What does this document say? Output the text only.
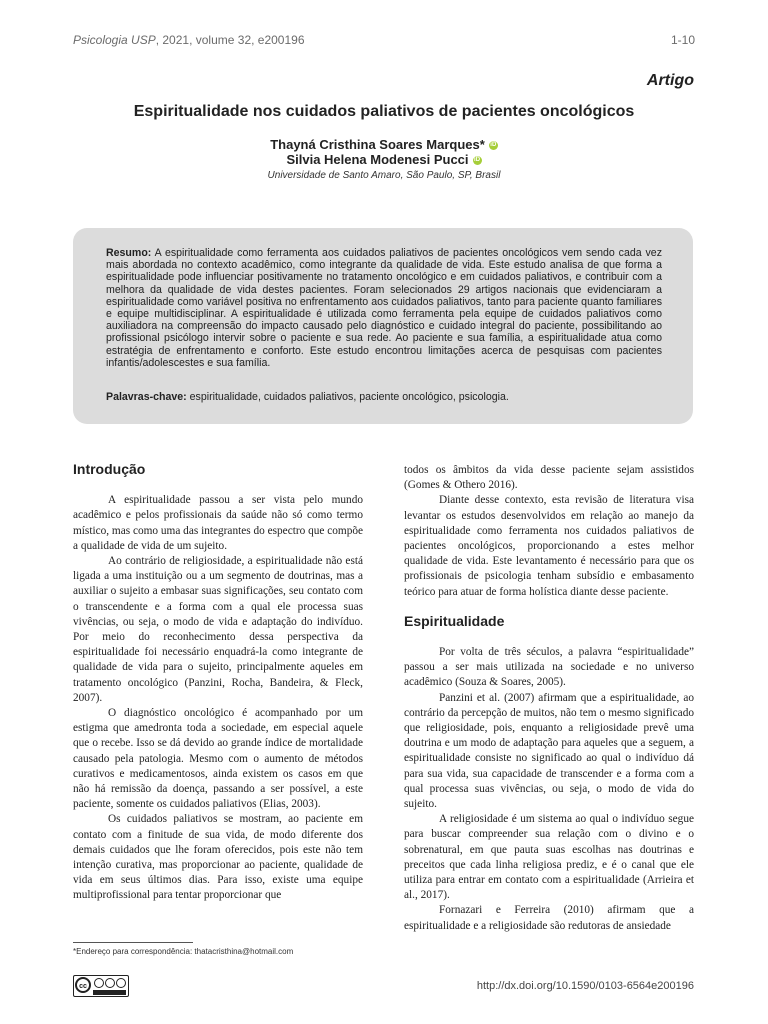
Psicologia USP, 2021, volume 32, e200196	1-10
Artigo
Espiritualidade nos cuidados paliativos de pacientes oncológicos
Thayná Cristhina Soares Marques* iD
Silvia Helena Modenesi Pucci iD
Universidade de Santo Amaro, São Paulo, SP, Brasil
Resumo: A espiritualidade como ferramenta aos cuidados paliativos de pacientes oncológicos vem sendo cada vez mais abordada no contexto acadêmico, como integrante da qualidade de vida. Este estudo analisa de que forma a espiritualidade pode influenciar positivamente no tratamento oncológico e em cuidados paliativos, e contribuir com a melhora da qualidade de vida destes pacientes. Foram selecionados 29 artigos nacionais que evidenciaram a espiritualidade como variável positiva no enfrentamento aos cuidados paliativos, tanto para paciente quanto familiares e equipe multidisciplinar. A espiritualidade é utilizada como ferramenta pela equipe de cuidados paliativos como auxiliadora na compreensão do impacto causado pelo diagnóstico e cuidado integral do paciente, possibilitando ao profissional psicólogo intervir sobre o paciente e sua rede. Ao paciente e sua família, a espiritualidade atua como estratégia de enfrentamento e conforto. Este estudo encontrou limitações acerca de pesquisas com pacientes infantis/adolescestes e sua família.
Palavras-chave: espiritualidade, cuidados paliativos, paciente oncológico, psicologia.
Introdução

A espiritualidade passou a ser vista pelo mundo acadêmico e pelos profissionais da saúde não só como termo místico, mas como uma das integrantes do espectro que compõe a qualidade de vida de um sujeito.

Ao contrário de religiosidade, a espiritualidade não está ligada a uma instituição ou a um segmento de doutrinas, mas a auxiliar o sujeito a embasar suas significações, seu contato com o transcendente e a forma com a qual ele processa suas vivências, ou seja, o modo de vida e adaptação do indivíduo. Por meio do reconhecimento dessa perspectiva da espiritualidade foi necessário enquadrá-la como integrante de qualidade de vida para o sujeito, principalmente aqueles em tratamento oncológico (Panzini, Rocha, Bandeira, & Fleck, 2007).

O diagnóstico oncológico é acompanhado por um estigma que amedronta toda a sociedade, em especial aquele que o recebe. Isso se dá devido ao grande índice de mortalidade causado pela patologia. Mesmo com o aumento de métodos curativos e medicamentosos, ainda existem os casos em que não há remissão da doença, passando a ser possível, a este paciente, somente os cuidados paliativos (Elias, 2003).

Os cuidados paliativos se mostram, ao paciente em contato com a finitude de sua vida, de modo diferente dos demais cuidados que lhe foram oferecidos, pois este não tem intenção curativa, mas proporcionar ao paciente, qualidade de vida em seus últimos dias. Para isso, existe uma equipe multiprofissional para tentar proporcionar que

todos os âmbitos da vida desse paciente sejam assistidos (Gomes & Othero 2016).

Diante desse contexto, esta revisão de literatura visa levantar os estudos desenvolvidos em relação ao manejo da espiritualidade como ferramenta nos cuidados paliativos de pacientes oncológicos, proporcionando a estes melhor qualidade de vida. Este levantamento é necessário para que os profissionais de psicologia tenham subsídio e embasamento teórico para atuar de forma holística diante desse paciente.

Espiritualidade

Por volta de três séculos, a palavra “espiritualidade” passou a ser mais utilizada na sociedade e no universo acadêmico (Souza & Soares, 2005).

Panzini et al. (2007) afirmam que a espiritualidade, ao contrário da percepção de muitos, não tem o mesmo significado que religiosidade, pois, enquanto a religiosidade prevê uma doutrina e um modo de adaptação para aqueles que a seguem, a espiritualidade consiste no significado ao qual o indivíduo dá para sua vida, sua capacidade de transcender e a forma com a qual processa suas vivências, ou seja, o modo de vida do sujeito.

A religiosidade é um sistema ao qual o indivíduo segue para buscar compreender sua relação com o divino e o sobrenatural, em que pauta suas escolhas nas doutrinas e preceitos que cada linha religiosa prediz, e é o canal que ele utiliza para entrar em contato com a espiritualidade (Arrieira et al., 2017).

Fornazari e Ferreira (2010) afirmam que a espiritualidade e a religiosidade são redutoras de ansiedade

*Endereço para correspondência: thatacristhina@hotmail.com
cc	http://dx.doi.org/10.1590/0103-6564e200196
